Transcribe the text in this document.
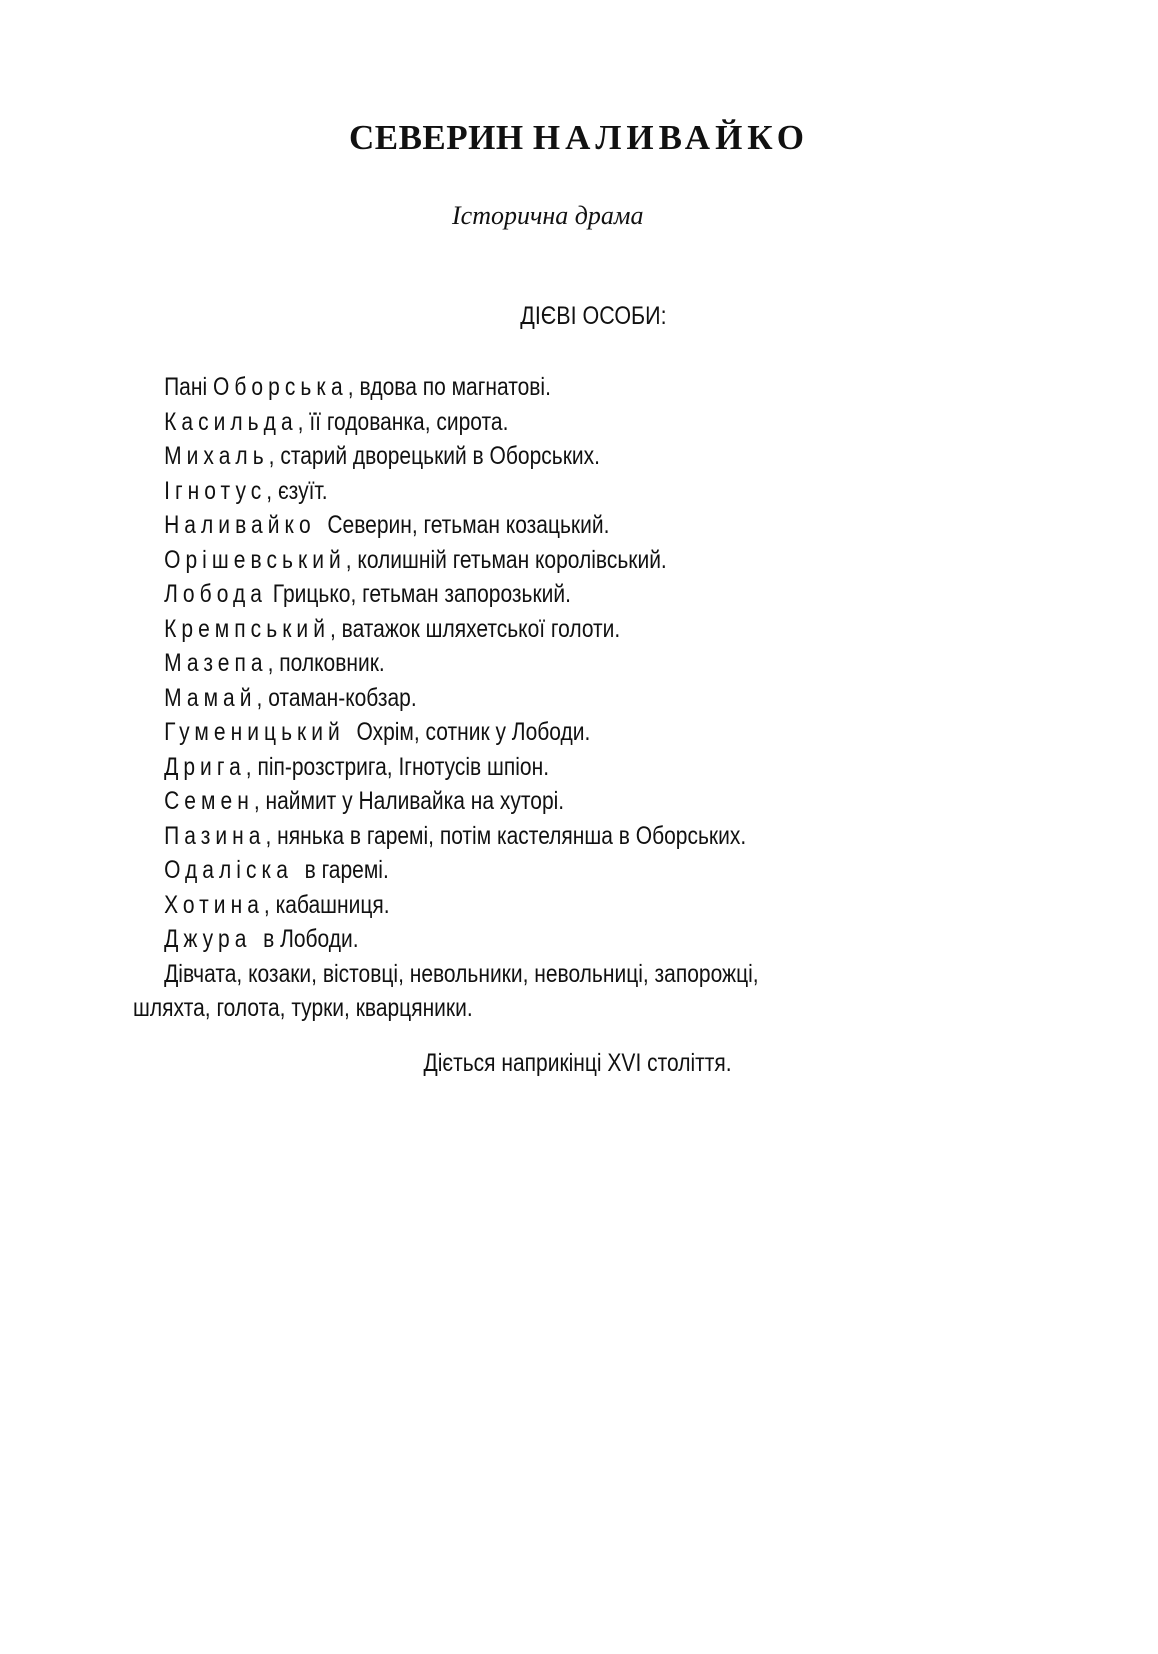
СЕВЕРИН НАЛИВАЙКО
Історична драма
ДІЄВІ ОСОБИ:
Пані Оборська, вдова по магнатові.
Касильда, її годованка, сирота.
Михаль, старий дворецький в Оборських.
Ігнотус, єзуїт.
Наливайко  Северин, гетьман козацький.
Орішевський, колишній гетьман королівський.
Лобода Грицько, гетьман запорозький.
Кремпський, ватажок шляхетської голоти.
Мазепа, полковник.
Мамай, отаман-кобзар.
Гуменицький  Охрім, сотник у Лободи.
Дрига, піп-розстрига, Ігнотусів шпіон.
Семен, наймит у Наливайка на хуторі.
Пазина, нянька в гаремі, потім кастелянша в Оборських.
Одаліска  в гаремі.
Хотина, кабашниця.
Джура  в Лободи.
Дівчата, козаки, вістовці, невольники, невольниці, запорожці,
шляхта, голота, турки, кварцяники.
Діється наприкінці XVI століття.
